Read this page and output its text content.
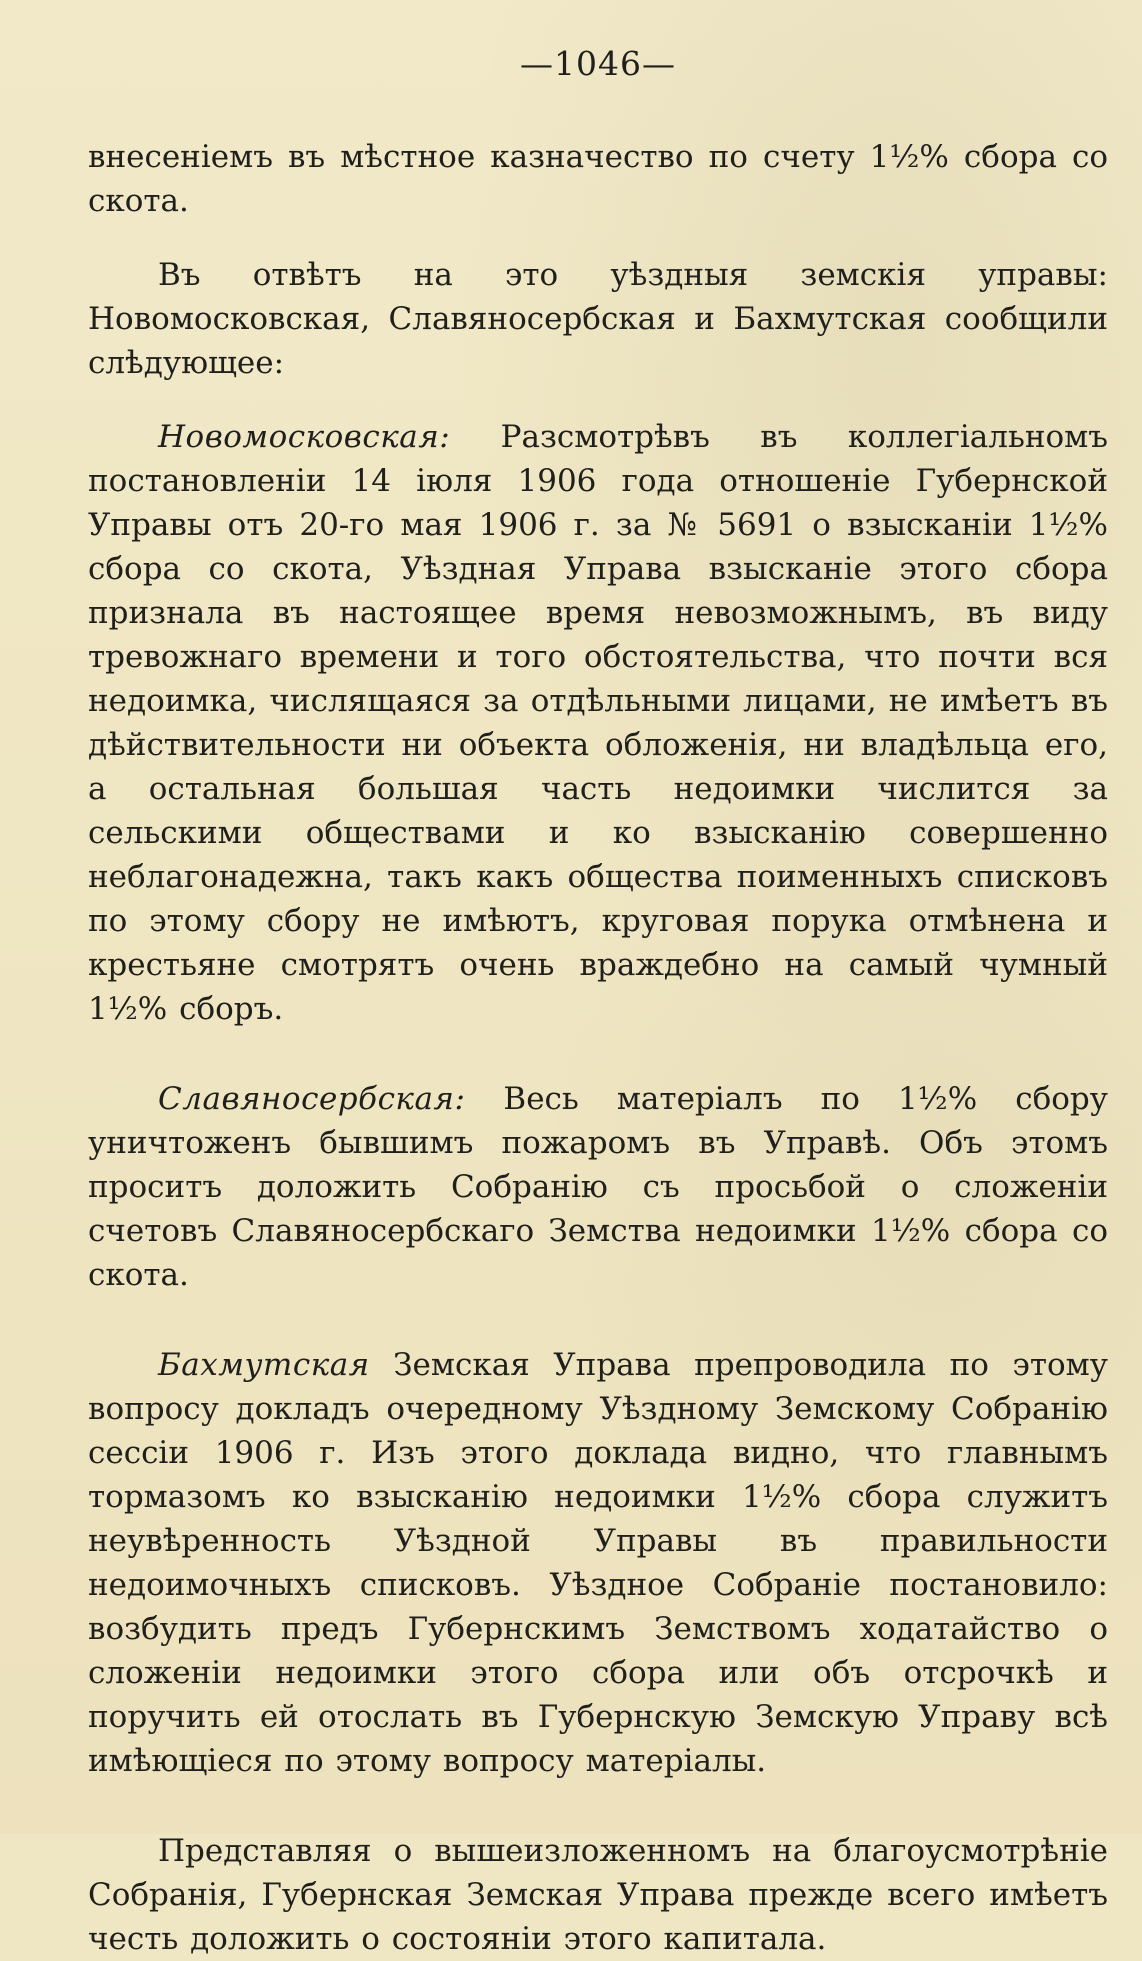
—1046—

внесеніемъ въ мѣстное казначество по счету 1½% сбора со скота.

Въ отвѣтъ на это уѣздныя земскія управы: Новомосковская, Славяносербская и Бахмутская сообщили слѣдующее:

Новомосковская: Разсмотрѣвъ въ коллегіальномъ постановленіи 14 іюля 1906 года отношеніе Губернской Управы отъ 20-го мая 1906 г. за № 5691 о взысканіи 1½% сбора со скота, Уѣздная Управа взысканіе этого сбора признала въ настоящее время невозможнымъ, въ виду тревожнаго времени и того обстоятельства, что почти вся недоимка, числящаяся за отдѣльными лицами, не имѣетъ въ дѣйствительности ни объекта обложенія, ни владѣльца его, а остальная большая часть недоимки числится за сельскими обществами и ко взысканію совершенно неблагонадежна, такъ какъ общества поименныхъ списковъ по этому сбору не имѣютъ, круговая порука отмѣнена и крестьяне смотрятъ очень враждебно на самый чумный 1½% сборъ.

Славяносербская: Весь матеріалъ по 1½% сбору уничтоженъ бывшимъ пожаромъ въ Управѣ. Объ этомъ проситъ доложить Собранію съ просьбой о сложеніи счетовъ Славяносербскаго Земства недоимки 1½% сбора со скота.

Бахмутская Земская Управа препроводила по этому вопросу докладъ очередному Уѣздному Земскому Собранію сессіи 1906 г. Изъ этого доклада видно, что главнымъ тормазомъ ко взысканію недоимки 1½% сбора служитъ неувѣренность Уѣздной Управы въ правильности недоимочныхъ списковъ. Уѣздное Собраніе постановило: возбудить предъ Губернскимъ Земствомъ ходатайство о сложеніи недоимки этого сбора или объ отсрочкѣ и поручить ей отослать въ Губернскую Земскую Управу всѣ имѣющіеся по этому вопросу матеріалы.

Представляя о вышеизложенномъ на благоусмотрѣніе Собранія, Губернская Земская Управа прежде всего имѣетъ честь доложить о состояніи этого капитала.
